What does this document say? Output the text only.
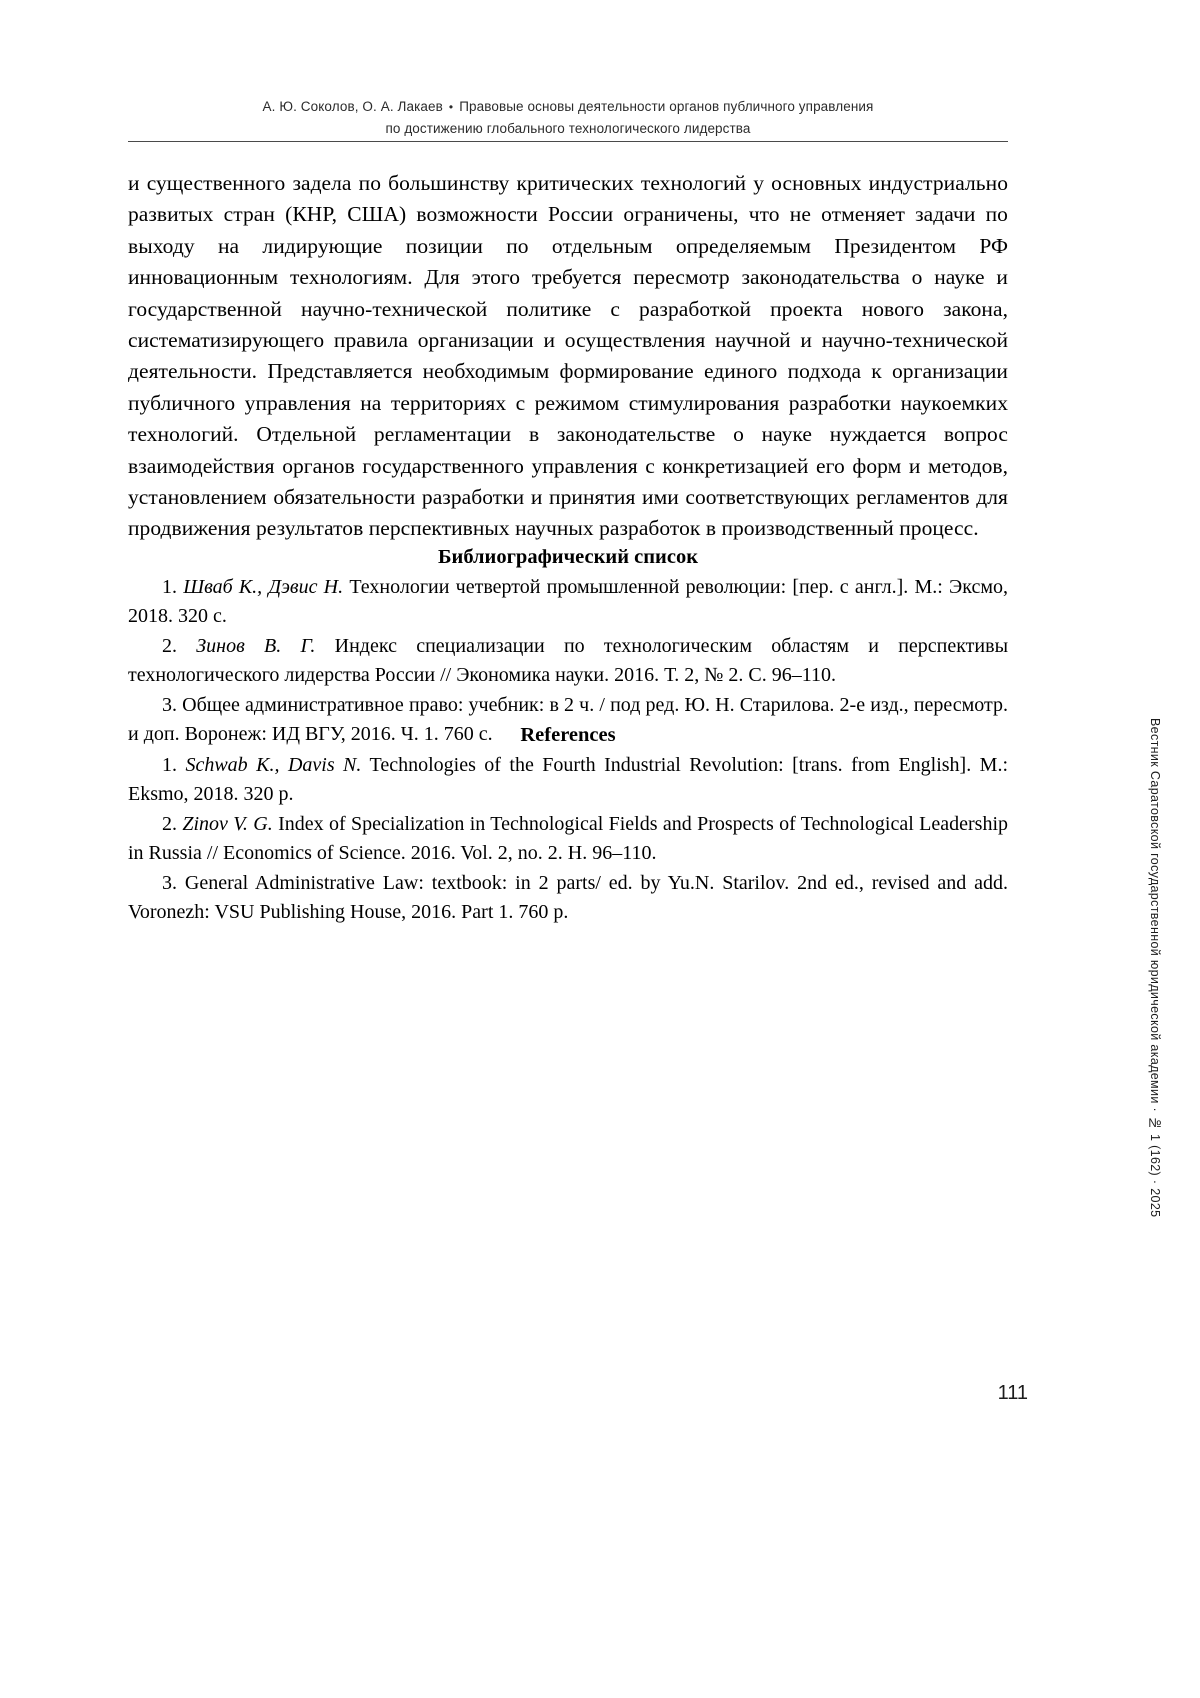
А. Ю. Соколов, О. А. Лакаев • Правовые основы деятельности органов публичного управления
по достижению глобального технологического лидерства

и существенного задела по большинству критических технологий у основных индустриально развитых стран (КНР, США) возможности России ограничены, что не отменяет задачи по выходу на лидирующие позиции по отдельным определяемым Президентом РФ инновационным технологиям. Для этого требуется пересмотр законодательства о науке и государственной научно-технической политике с разработкой проекта нового закона, систематизирующего правила организации и осуществления научной и научно-технической деятельности. Представляется необходимым формирование единого подхода к организации публичного управления на территориях с режимом стимулирования разработки наукоемких технологий. Отдельной регламентации в законодательстве о науке нуждается вопрос взаимодействия органов государственного управления с конкретизацией его форм и методов, установлением обязательности разработки и принятия ими соответствующих регламентов для продвижения результатов перспективных научных разработок в производственный процесс.

Библиографический список

1. Шваб К., Дэвис Н. Технологии четвертой промышленной революции: [пер. с англ.]. М.: Эксмо, 2018. 320 с.

2. Зинов В. Г. Индекс специализации по технологическим областям и перспективы технологического лидерства России // Экономика науки. 2016. Т. 2, № 2. С. 96–110.

3. Общее административное право: учебник: в 2 ч. / под ред. Ю. Н. Старилова. 2-е изд., пересмотр. и доп. Воронеж: ИД ВГУ, 2016. Ч. 1. 760 с.	References

1. Schwab K., Davis N. Technologies of the Fourth Industrial Revolution: [trans. from English]. M.: Eksmo, 2018. 320 p.

2. Zinov V. G. Index of Specialization in Technological Fields and Prospects of Technological Leadership in Russia // Economics of Science. 2016. Vol. 2, no. 2. Н. 96–110.

3. General Administrative Law: textbook: in 2 parts/ ed. by Yu.N. Starilov. 2nd ed., revised and add. Voronezh: VSU Publishing House, 2016. Part 1. 760 p.	Вестник Саратовской государственной юридической академии · № 1 (162) · 2025
111
